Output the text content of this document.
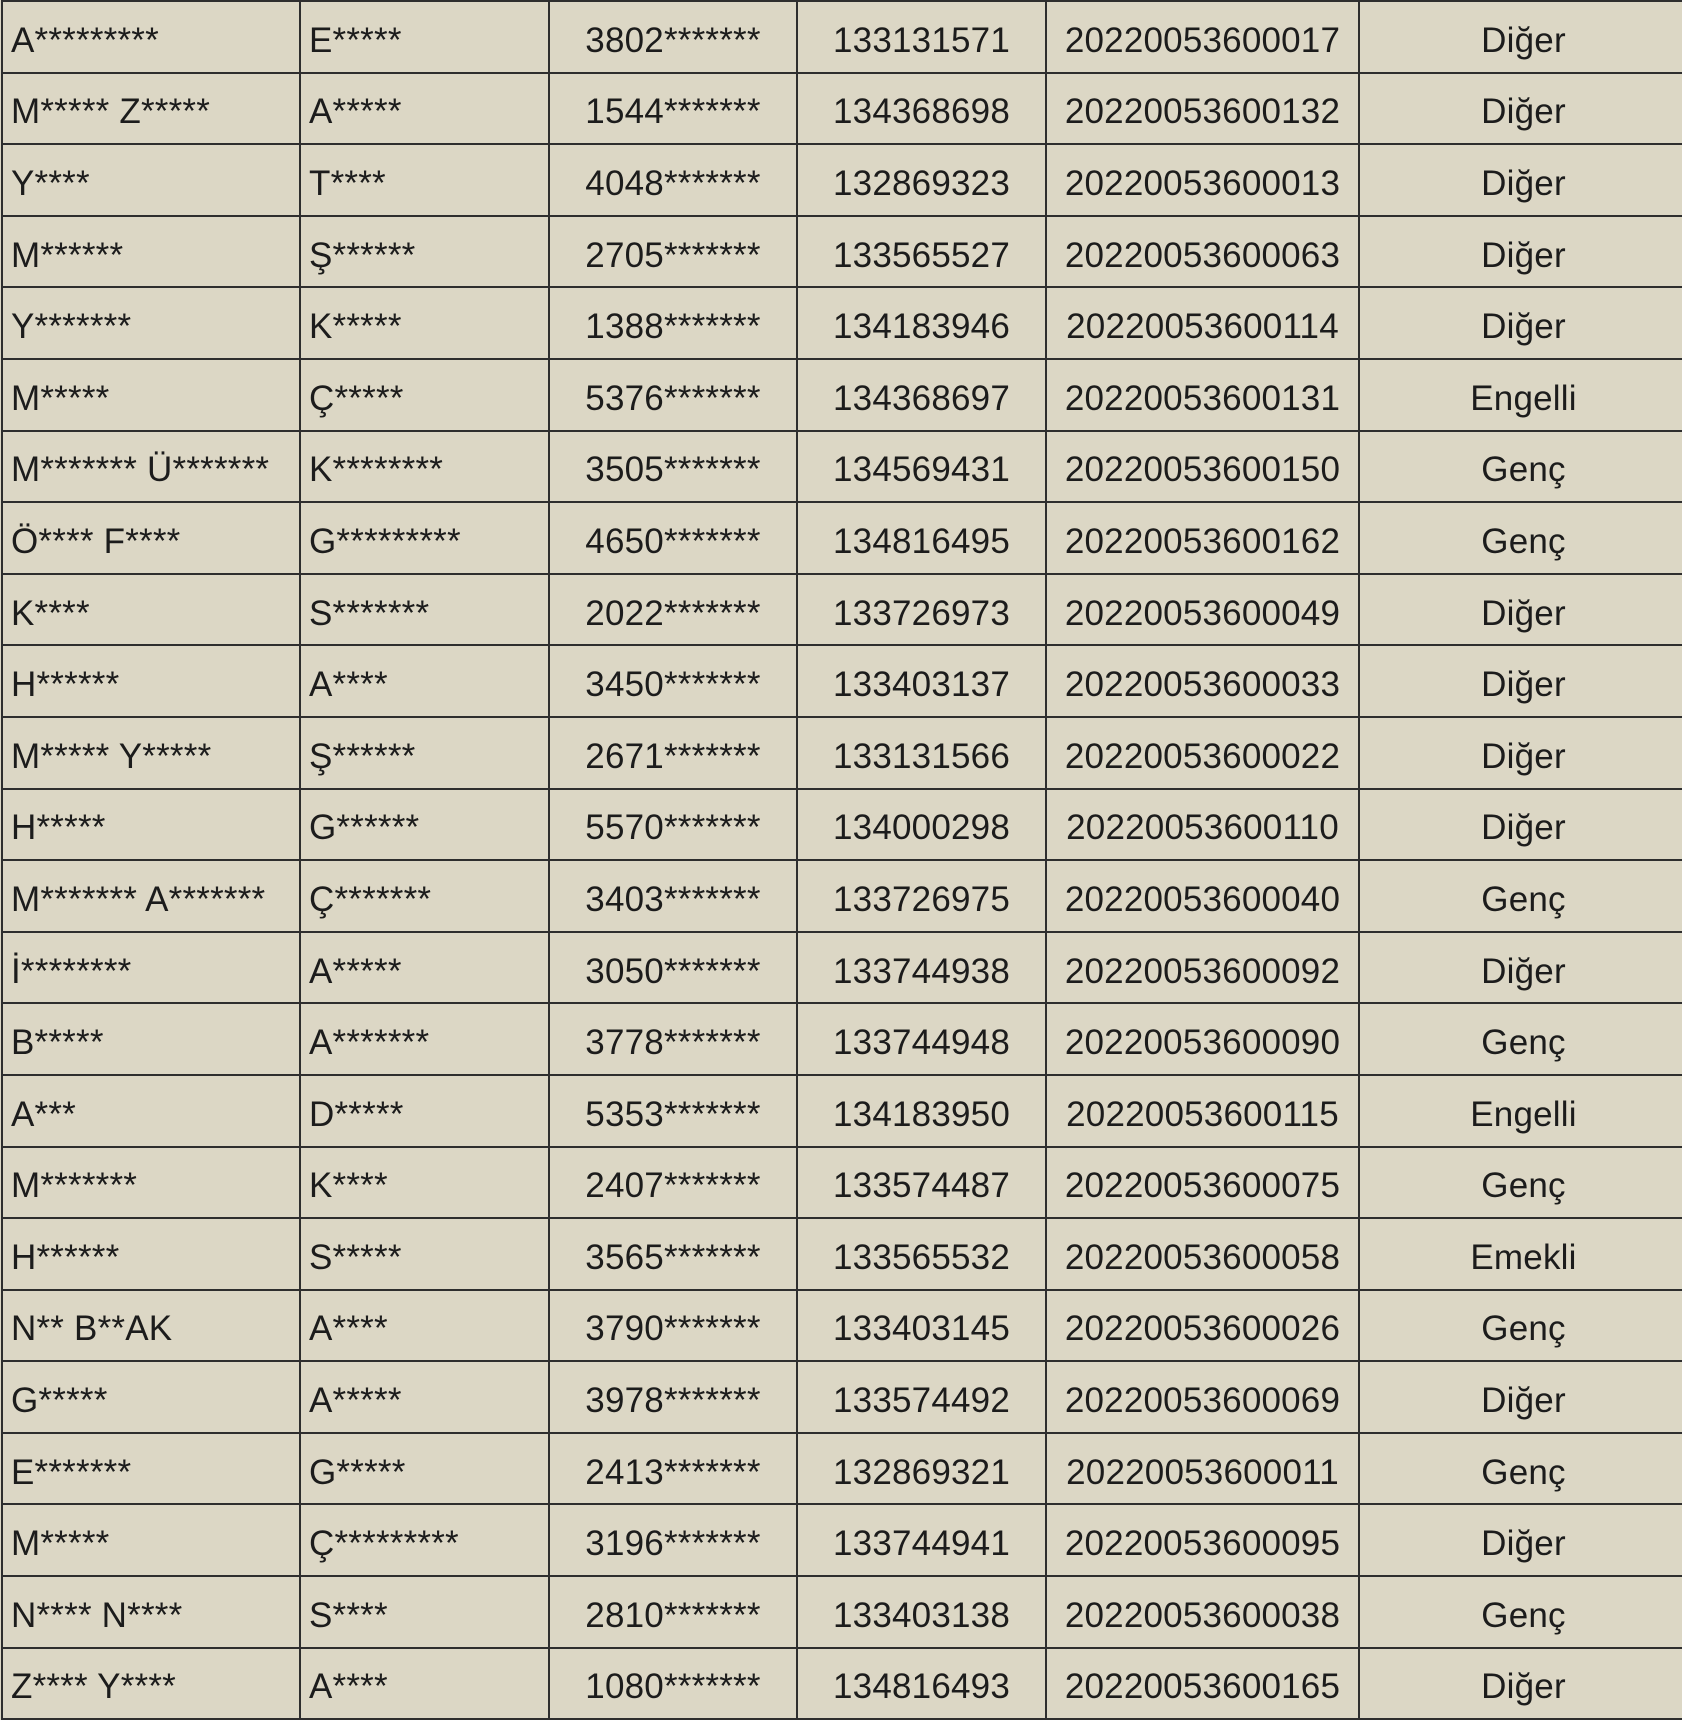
A*********	E*****	3802*******	133131571	20220053600017	Diğer
M***** Z*****	A*****	1544*******	134368698	20220053600132	Diğer
Y****	T****	4048*******	132869323	20220053600013	Diğer
M******	Ş******	2705*******	133565527	20220053600063	Diğer
Y*******	K*****	1388*******	134183946	20220053600114	Diğer
M*****	Ç*****	5376*******	134368697	20220053600131	Engelli
M******* Ü*******	K********	3505*******	134569431	20220053600150	Genç
Ö**** F****	G*********	4650*******	134816495	20220053600162	Genç
K****	S*******	2022*******	133726973	20220053600049	Diğer
H******	A****	3450*******	133403137	20220053600033	Diğer
M***** Y*****	Ş******	2671*******	133131566	20220053600022	Diğer
H*****	G******	5570*******	134000298	20220053600110	Diğer
M******* A*******	Ç*******	3403*******	133726975	20220053600040	Genç
İ********	A*****	3050*******	133744938	20220053600092	Diğer
B*****	A*******	3778*******	133744948	20220053600090	Genç
A***	D*****	5353*******	134183950	20220053600115	Engelli
M*******	K****	2407*******	133574487	20220053600075	Genç
H******	S*****	3565*******	133565532	20220053600058	Emekli
N** B**AK	A****	3790*******	133403145	20220053600026	Genç
G*****	A*****	3978*******	133574492	20220053600069	Diğer
E*******	G*****	2413*******	132869321	20220053600011	Genç
M*****	Ç*********	3196*******	133744941	20220053600095	Diğer
N**** N****	S****	2810*******	133403138	20220053600038	Genç
Z**** Y****	A****	1080*******	134816493	20220053600165	Diğer
